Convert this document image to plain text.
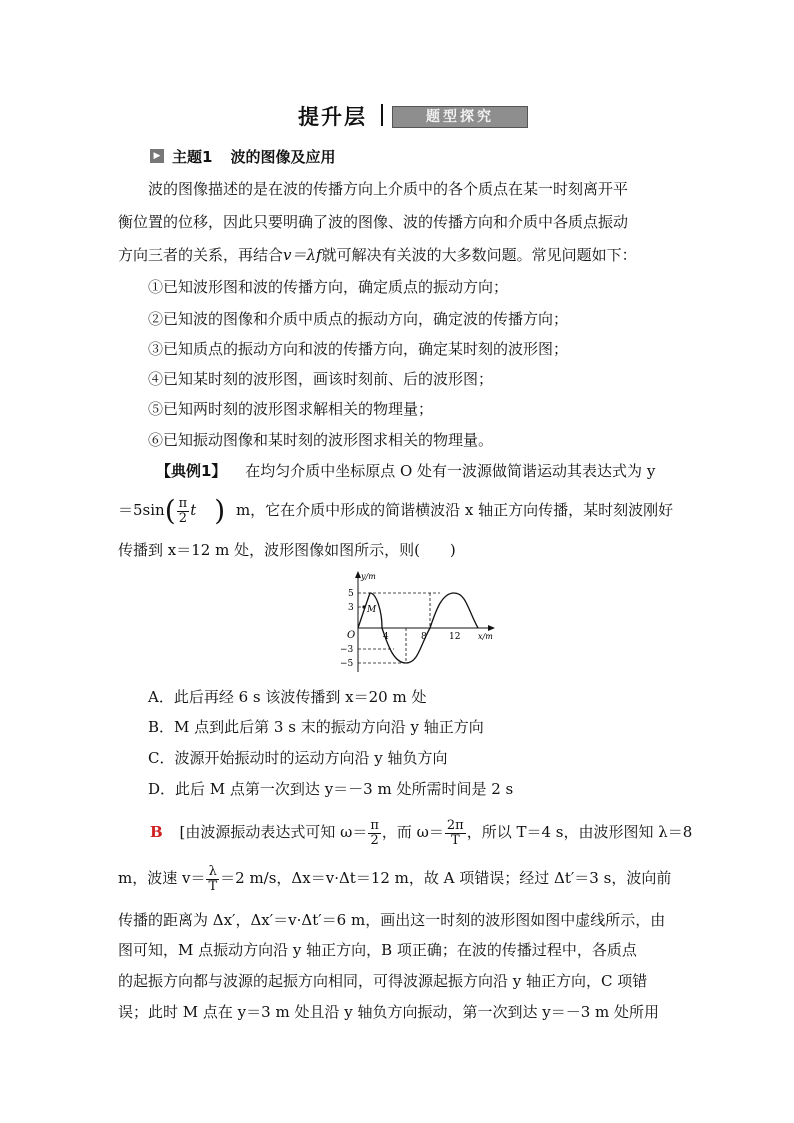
提升层	题型探究
▶ 主题1 波的图像及应用
波的图像描述的是在波的传播方向上介质中的各个质点在某一时刻离开平
衡位置的位移，因此只要明确了波的图像、波的传播方向和介质中各质点振动
方向三者的关系，再结合v＝λf就可解决有关波的大多数问题。常见问题如下：
①已知波形图和波的传播方向，确定质点的振动方向；
②已知波的图像和介质中质点的振动方向，确定波的传播方向；
③已知质点的振动方向和波的传播方向，确定某时刻的波形图；
④已知某时刻的波形图，画该时刻前、后的波形图；
⑤已知两时刻的波形图求解相关的物理量；
⑥已知振动图像和某时刻的波形图求相关的物理量。
【典例1】 在均匀介质中坐标原点 O 处有一波源做简谐运动其表达式为 y
$=5\sin( \frac{\pi}{2}$ t ) m，它在介质中形成的简谐横波沿 x 轴正方向传播，某时刻波刚好
传播到 x＝12 m 处，波形图像如图所示，则(　　)
y/m
x/m
O
5
3
−3
−5
4	8 12
M
A．此后再经 6 s 该波传播到 x＝20 m 处
B．M 点到此后第 3 s 末的振动方向沿 y 轴正方向
C．波源开始振动时的运动方向沿 y 轴负方向
D．此后 M 点第一次到达 y＝－3 m 处所需时间是 2 s
B [由波源振动表达式可知 $\omega= \frac{\pi}{2}$ ，而 $\omega= \frac{2\pi}{T}$ ，所以 T＝4 s，由波形图知 λ＝8
m，波速 $v= \frac{\lambda}{T} =2$ m/s，Δx＝v·Δt＝12 m，故 A 项错误；经过 Δt′＝3 s，波向前
传播的距离为 Δx′，Δx′＝v·Δt′＝6 m，画出这一时刻的波形图如图中虚线所示，由
图可知，M 点振动方向沿 y 轴正方向，B 项正确；在波的传播过程中，各质点
的起振方向都与波源的起振方向相同，可得波源起振方向沿 y 轴正方向，C 项错
误；此时 M 点在 y＝3 m 处且沿 y 轴负方向振动，第一次到达 y＝－3 m 处所用
